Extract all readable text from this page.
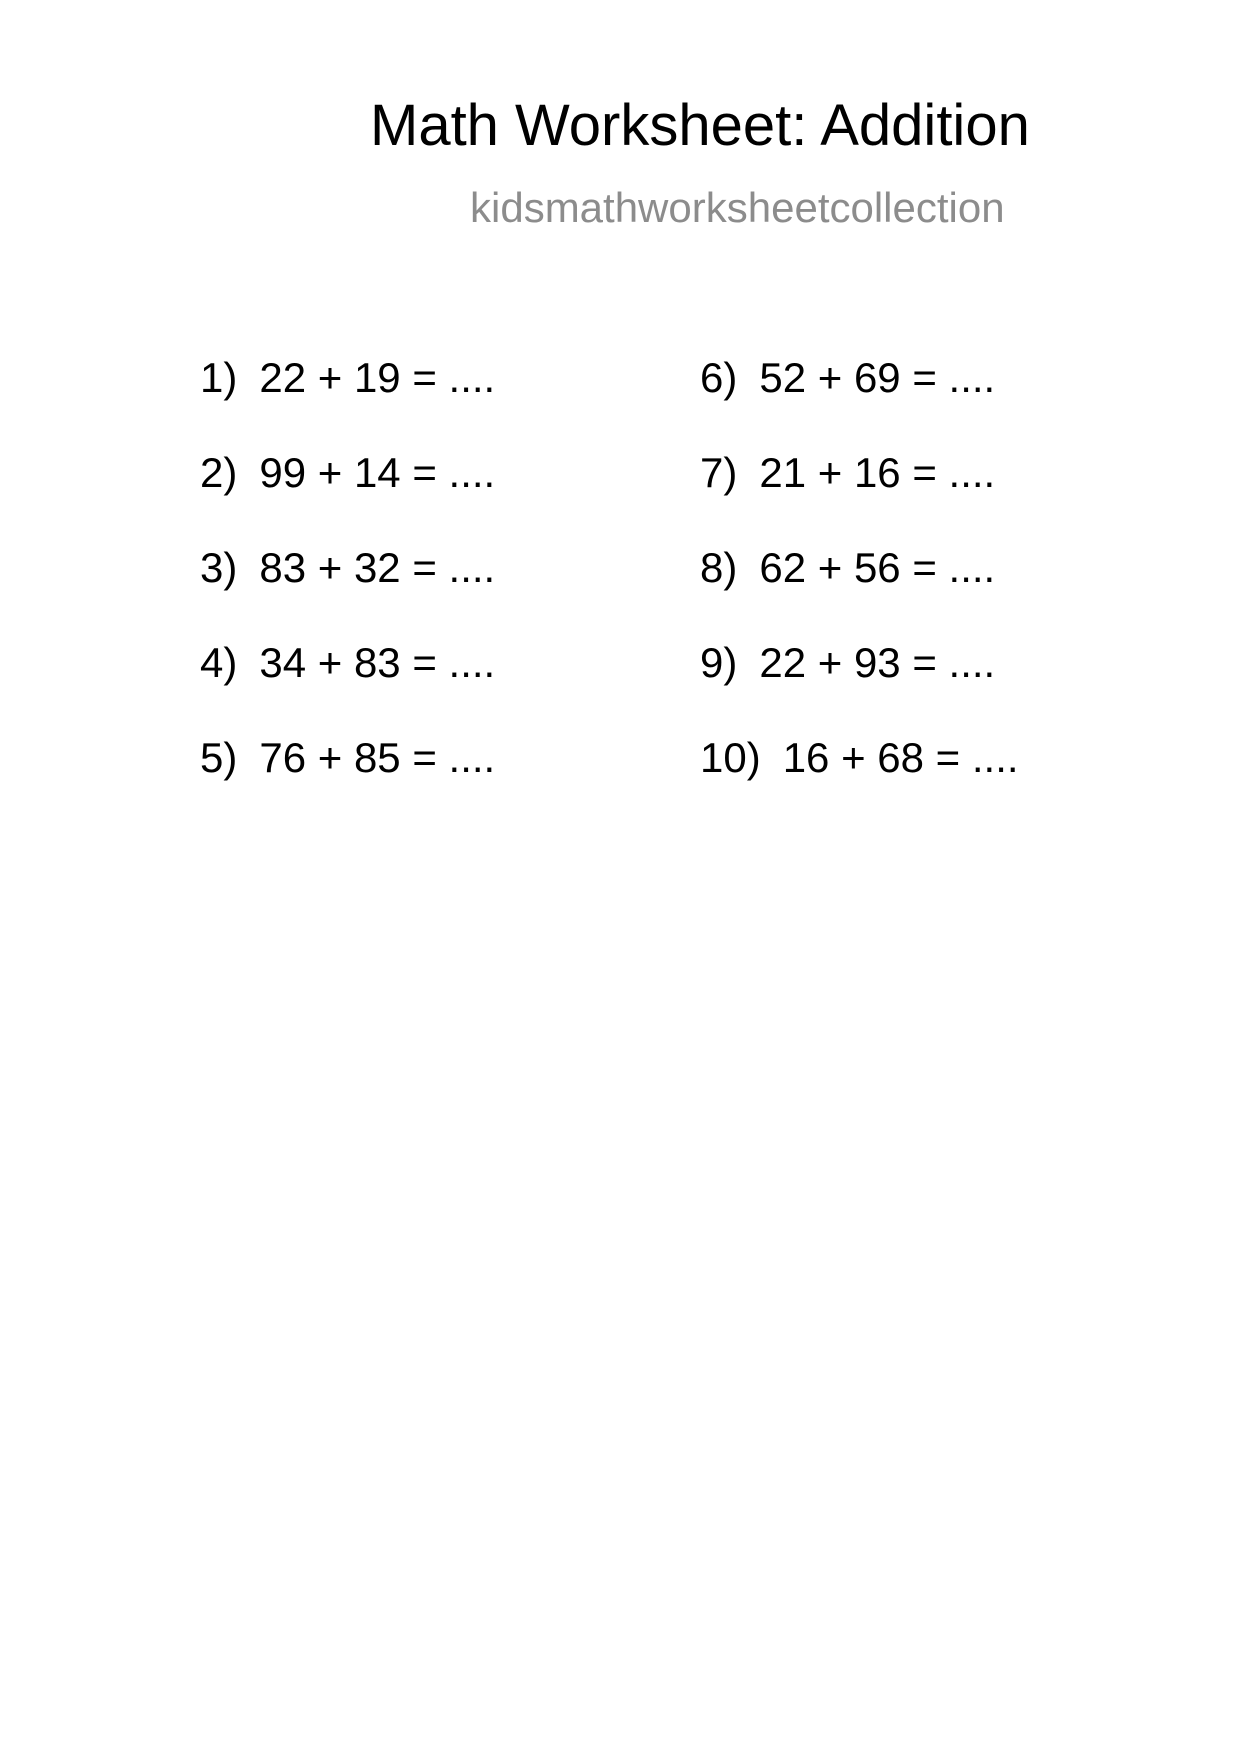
Math Worksheet: Addition
kidsmathworksheetcollection
1) 22 + 19 = ....
2) 99 + 14 = ....
3) 83 + 32 = ....
4) 34 + 83 = ....
5) 76 + 85 = ....
6) 52 + 69 = ....
7) 21 + 16 = ....
8) 62 + 56 = ....
9) 22 + 93 = ....
10) 16 + 68 = ....
